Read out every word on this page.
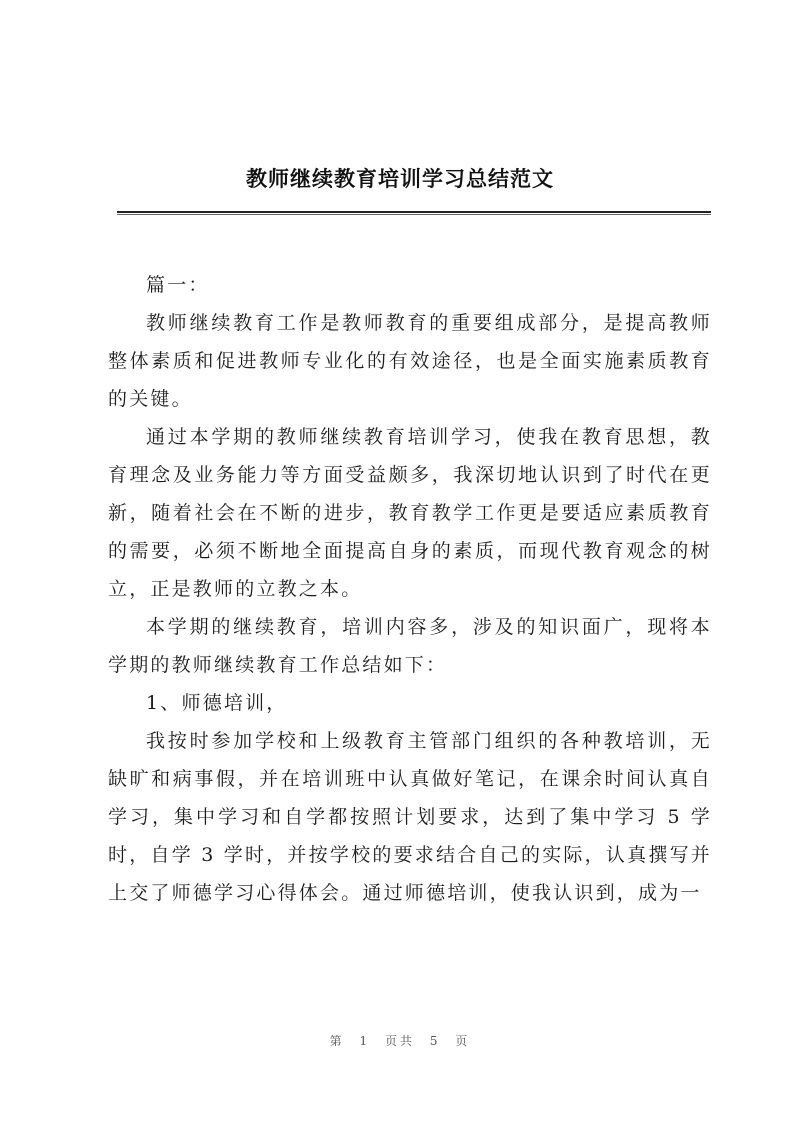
教师继续教育培训学习总结范文

篇一：

教师继续教育工作是教师教育的重要组成部分，是提高教师整体素质和促进教师专业化的有效途径，也是全面实施素质教育的关键。

通过本学期的教师继续教育培训学习，使我在教育思想，教育理念及业务能力等方面受益颇多，我深切地认识到了时代在更新，随着社会在不断的进步，教育教学工作更是要适应素质教育的需要，必须不断地全面提高自身的素质，而现代教育观念的树立，正是教师的立教之本。

本学期的继续教育，培训内容多，涉及的知识面广，现将本学期的教师继续教育工作总结如下：

1、师德培训，

我按时参加学校和上级教育主管部门组织的各种教培训，无缺旷和病事假，并在培训班中认真做好笔记，在课余时间认真自学习，集中学习和自学都按照计划要求，达到了集中学习 5 学时，自学 3 学时，并按学校的要求结合自己的实际，认真撰写并上交了师德学习心得体会。通过师德培训，使我认识到，成为一

第 1 页共 5 页
